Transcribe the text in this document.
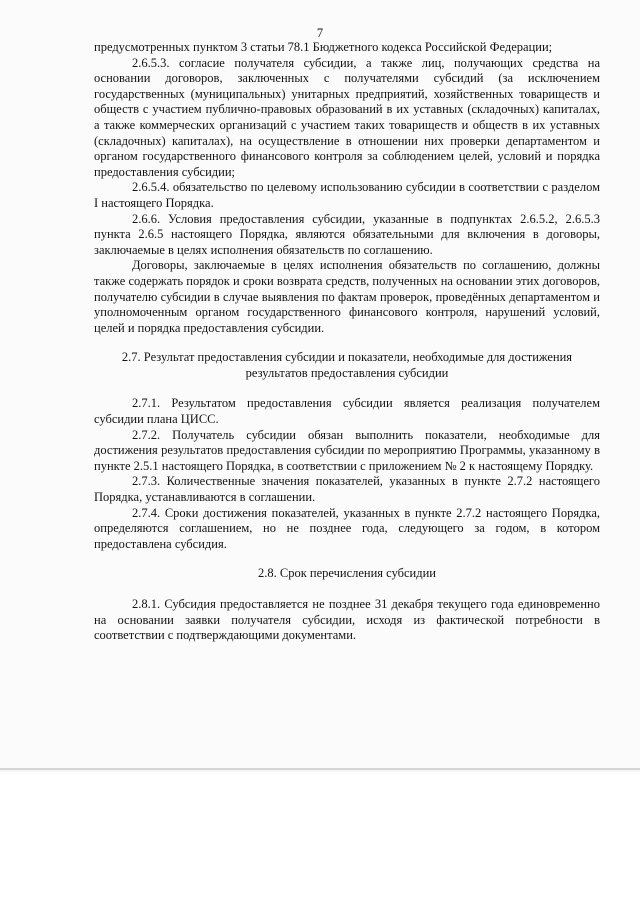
7

предусмотренных пунктом 3 статьи 78.1 Бюджетного кодекса Российской Федерации;

2.6.5.3. согласие получателя субсидии, а также лиц, получающих средства на основании договоров, заключенных с получателями субсидий (за исключением государственных (муниципальных) унитарных предприятий, хозяйственных товариществ и обществ с участием публично-правовых образований в их уставных (складочных) капиталах, а также коммерческих организаций с участием таких товариществ и обществ в их уставных (складочных) капиталах), на осуществление в отношении них проверки департаментом и органом государственного финансового контроля за соблюдением целей, условий и порядка предоставления субсидии;

2.6.5.4. обязательство по целевому использованию субсидии в соответствии с разделом I настоящего Порядка.

2.6.6. Условия предоставления субсидии, указанные в подпунктах 2.6.5.2, 2.6.5.3 пункта 2.6.5 настоящего Порядка, являются обязательными для включения в договоры, заключаемые в целях исполнения обязательств по соглашению.

Договоры, заключаемые в целях исполнения обязательств по соглашению, должны также содержать порядок и сроки возврата средств, полученных на основании этих договоров, получателю субсидии в случае выявления по фактам проверок, проведённых департаментом и уполномоченным органом государственного финансового контроля, нарушений условий, целей и порядка предоставления субсидии.

2.7. Результат предоставления субсидии и показатели, необходимые для достижения результатов предоставления субсидии

2.7.1. Результатом предоставления субсидии является реализация получателем субсидии плана ЦИСС.

2.7.2. Получатель субсидии обязан выполнить показатели, необходимые для достижения результатов предоставления субсидии по мероприятию Программы, указанному в пункте 2.5.1 настоящего Порядка, в соответствии с приложением № 2 к настоящему Порядку.

2.7.3. Количественные значения показателей, указанных в пункте 2.7.2 настоящего Порядка, устанавливаются в соглашении.

2.7.4. Сроки достижения показателей, указанных в пункте 2.7.2 настоящего Порядка, определяются соглашением, но не позднее года, следующего за годом, в котором предоставлена субсидия.

2.8. Срок перечисления субсидии

2.8.1. Субсидия предоставляется не позднее 31 декабря текущего года единовременно на основании заявки получателя субсидии, исходя из фактической потребности в соответствии с подтверждающими документами.
